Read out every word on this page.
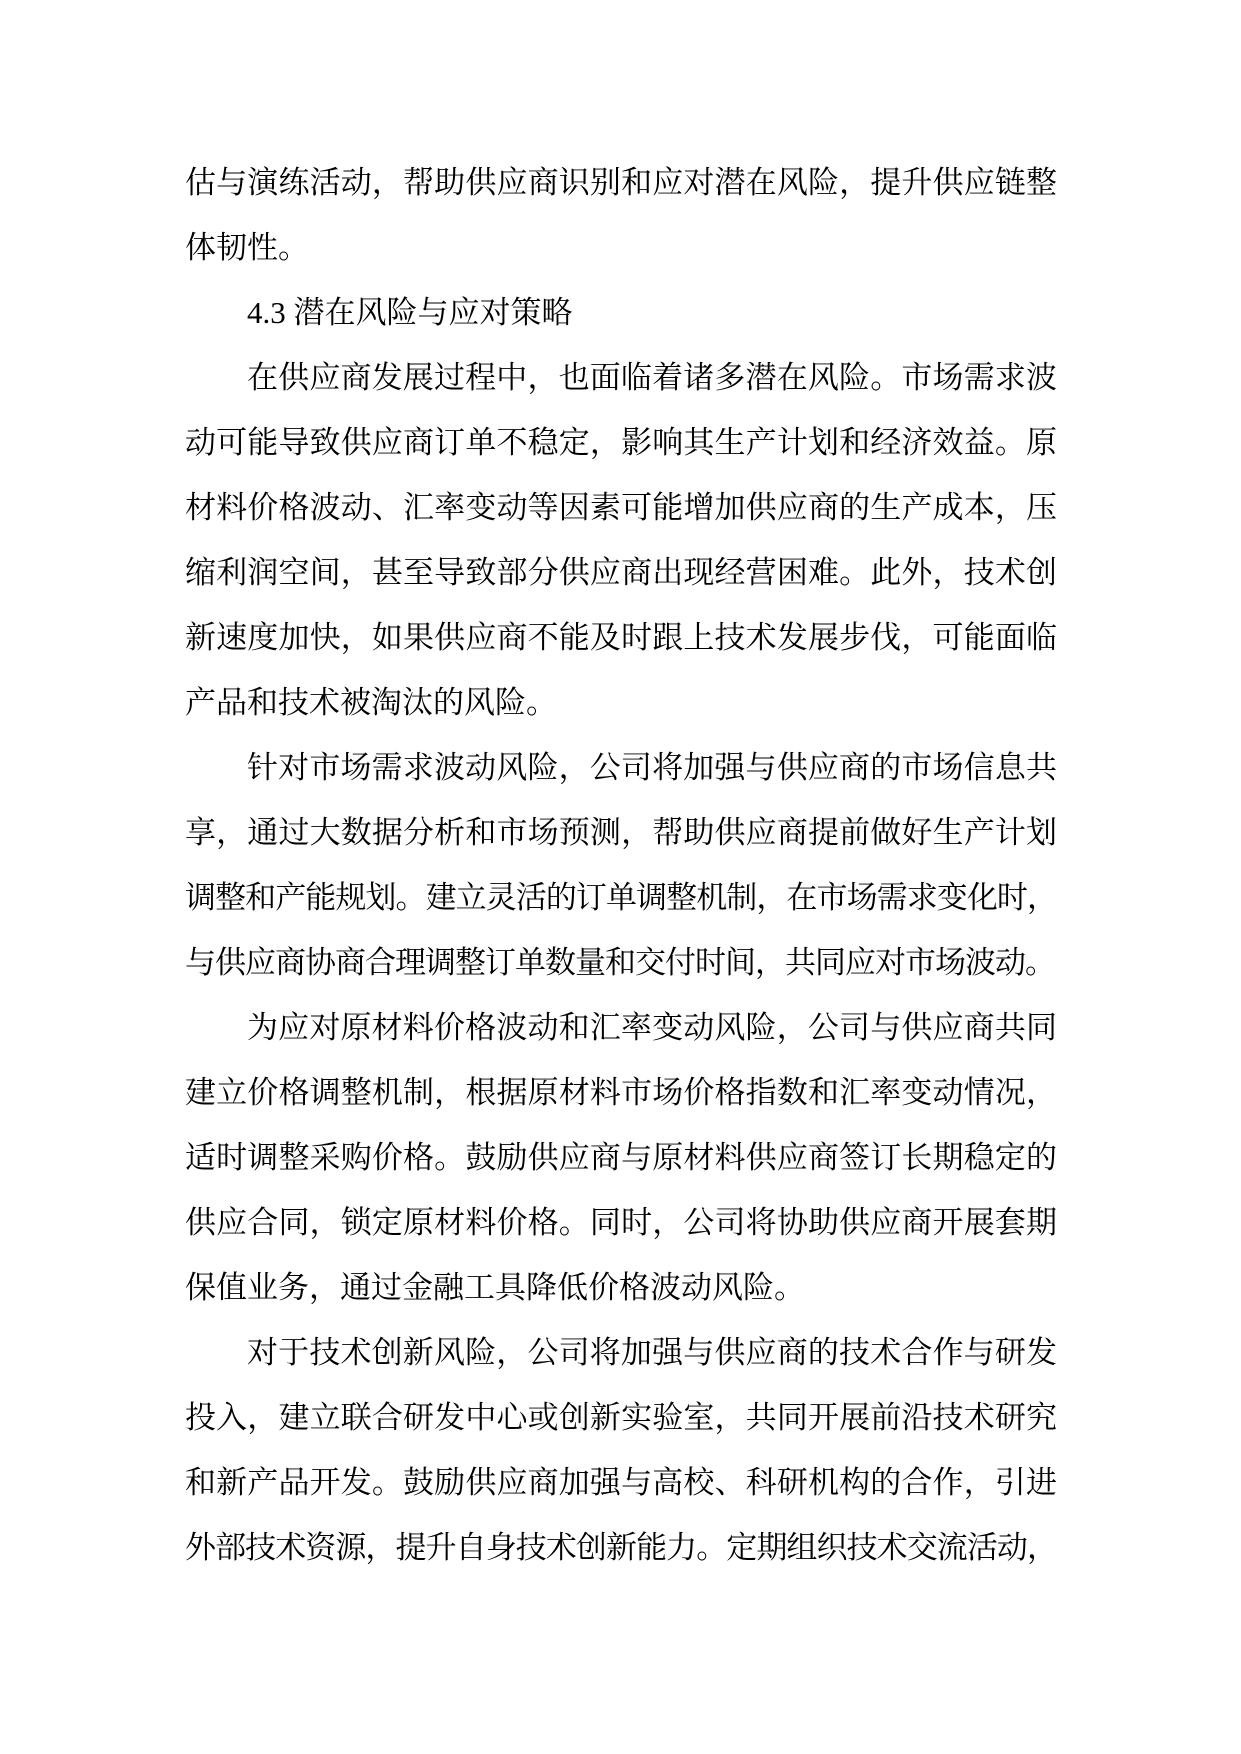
估与演练活动，帮助供应商识别和应对潜在风险，提升供应链整
体韧性。
4.3 潜在风险与应对策略
在供应商发展过程中，也面临着诸多潜在风险。市场需求波
动可能导致供应商订单不稳定，影响其生产计划和经济效益。原
材料价格波动、汇率变动等因素可能增加供应商的生产成本，压
缩利润空间，甚至导致部分供应商出现经营困难。此外，技术创
新速度加快，如果供应商不能及时跟上技术发展步伐，可能面临
产品和技术被淘汰的风险。
针对市场需求波动风险，公司将加强与供应商的市场信息共
享，通过大数据分析和市场预测，帮助供应商提前做好生产计划
调整和产能规划。建立灵活的订单调整机制，在市场需求变化时，
与供应商协商合理调整订单数量和交付时间，共同应对市场波动。
为应对原材料价格波动和汇率变动风险，公司与供应商共同
建立价格调整机制，根据原材料市场价格指数和汇率变动情况，
适时调整采购价格。鼓励供应商与原材料供应商签订长期稳定的
供应合同，锁定原材料价格。同时，公司将协助供应商开展套期
保值业务，通过金融工具降低价格波动风险。
对于技术创新风险，公司将加强与供应商的技术合作与研发
投入，建立联合研发中心或创新实验室，共同开展前沿技术研究
和新产品开发。鼓励供应商加强与高校、科研机构的合作，引进
外部技术资源，提升自身技术创新能力。定期组织技术交流活动，
